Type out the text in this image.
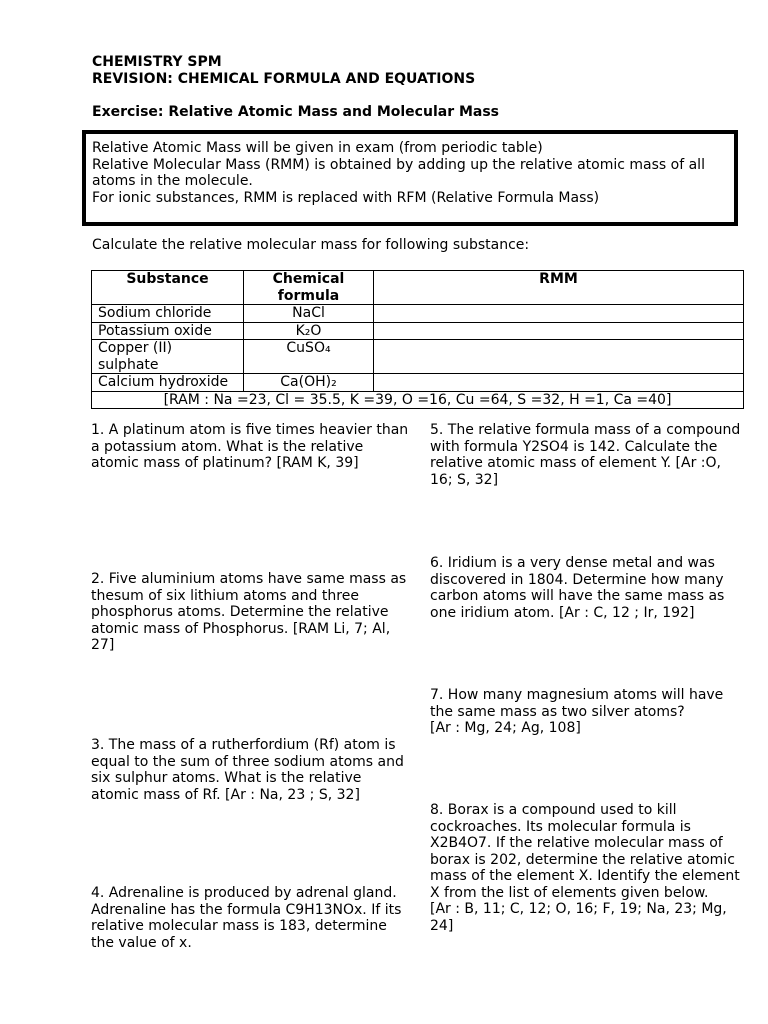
CHEMISTRY SPM
REVISION: CHEMICAL FORMULA AND EQUATIONS
Exercise: Relative Atomic Mass and Molecular Mass
Relative Atomic Mass will be given in exam (from periodic table)
Relative Molecular Mass (RMM) is obtained by adding up the relative atomic mass of all atoms in the molecule.
For ionic substances, RMM is replaced with RFM (Relative Formula Mass)
Calculate the relative molecular mass for following substance:
Substance	Chemical formula	RMM
Sodium chloride	NaCl	
Potassium oxide	K₂O	
Copper (II) sulphate	CuSO₄	
Calcium hydroxide	Ca(OH)₂	
[RAM : Na =23, Cl = 35.5, K =39, O =16, Cu =64, S =32, H =1, Ca =40]		
1. A platinum atom is five times heavier than a potassium atom. What is the relative atomic mass of platinum? [RAM K, 39]
2. Five aluminium atoms have same mass as thesum of six lithium atoms and three phosphorus atoms. Determine the relative atomic mass of Phosphorus. [RAM Li, 7; Al, 27]
3. The mass of a rutherfordium (Rf) atom is equal to the sum of three sodium atoms and six sulphur atoms. What is the relative atomic mass of Rf. [Ar : Na, 23 ; S, 32]
4. Adrenaline is produced by adrenal gland. Adrenaline has the formula C9H13NOx. If its relative molecular mass is 183, determine the value of x.
5. The relative formula mass of a compound with formula Y2SO4 is 142. Calculate the relative atomic mass of element Y. [Ar :O, 16; S, 32]
6. Iridium is a very dense metal and was discovered in 1804. Determine how many carbon atoms will have the same mass as one iridium atom. [Ar : C, 12 ; Ir, 192]
7. How many magnesium atoms will have the same mass as two silver atoms?
[Ar : Mg, 24; Ag, 108]
8. Borax is a compound used to kill cockroaches. Its molecular formula is X2B4O7. If the relative molecular mass of borax is 202, determine the relative atomic mass of the element X. Identify the element X from the list of elements given below.
[Ar : B, 11; C, 12; O, 16; F, 19; Na, 23; Mg, 24]
